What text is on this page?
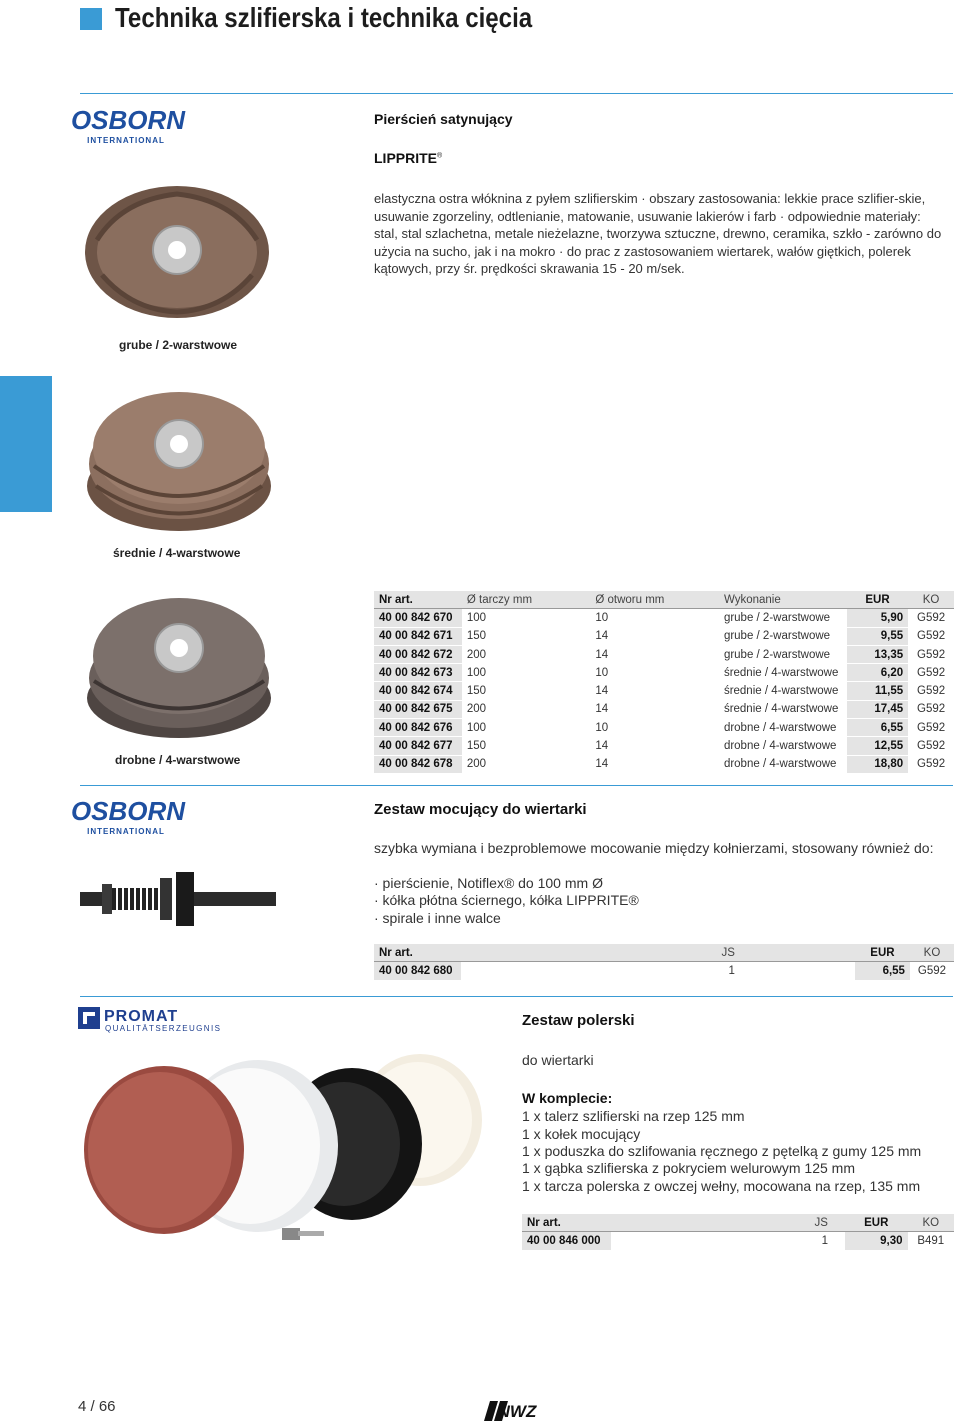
Technika szlifierska i technika cięcia
OSBORN
INTERNATIONAL
Pierścień satynujący
LIPPRITE®
elastyczna ostra włóknina z pyłem szlifierskim · obszary zastosowania: lekkie prace szlifier-skie, usuwanie zgorzeliny, odtlenianie, matowanie, usuwanie lakierów i farb · odpowiednie materiały: stal, stal szlachetna, metale nieżelazne, tworzywa sztuczne, drewno, ceramika, szkło - zarówno do użycia na sucho, jak i na mokro · do prac z zastosowaniem wiertarek, wałów giętkich, polerek kątowych, przy śr. prędkości skrawania 15 - 20 m/sek.
grube / 2-warstwowe
średnie / 4-warstwowe
drobne / 4-warstwowe
Nr art.	Ø tarczy mm	Ø otworu mm	Wykonanie	EUR	KO
40 00 842 670	100	10	grube / 2-warstwowe	5,90	G592
40 00 842 671	150	14	grube / 2-warstwowe	9,55	G592
40 00 842 672	200	14	grube / 2-warstwowe	13,35	G592
40 00 842 673	100	10	średnie / 4-warstwowe	6,20	G592
40 00 842 674	150	14	średnie / 4-warstwowe	11,55	G592
40 00 842 675	200	14	średnie / 4-warstwowe	17,45	G592
40 00 842 676	100	10	drobne / 4-warstwowe	6,55	G592
40 00 842 677	150	14	drobne / 4-warstwowe	12,55	G592
40 00 842 678	200	14	drobne / 4-warstwowe	18,80	G592
OSBORN
INTERNATIONAL
Zestaw mocujący do wiertarki
szybka wymiana i bezproblemowe mocowanie między kołnierzami, stosowany również do:
· pierścienie, Notiflex® do 100 mm Ø
· kółka płótna ściernego, kółka LIPPRITE®
· spirale i inne walce
Nr art.	JS	EUR	KO
40 00 842 680	1	6,55	G592
PROMAT
QUALITÄTSERZEUGNIS	Zestaw polerski
do wiertarki
W komplecie:
1 x talerz szlifierski na rzep 125 mm
1 x kołek mocujący
1 x poduszka do szlifowania ręcznego z pętelką z gumy 125 mm
1 x gąbka szlifierska z pokryciem welurowym 125 mm
1 x tarcza polerska z owczej wełny, mocowana na rzep, 135 mm
Nr art.	JS	EUR	KO
40 00 846 000	1	9,30	B491
4 / 66	NWZ
